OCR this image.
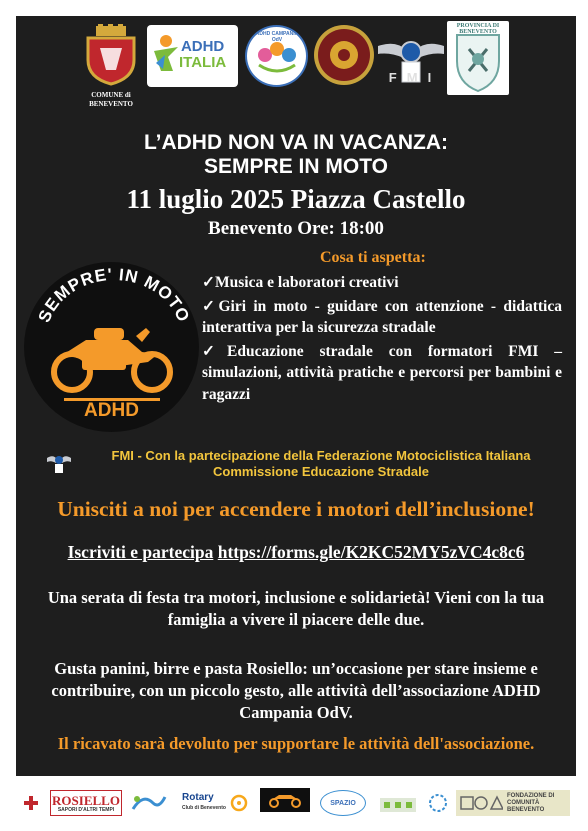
COMUNE di
BENEVENTO
ADHD
ITALIA
ADHD CAMPANIA OdV
FMI
PROVINCIA DI BENEVENTO
L’ADHD NON VA IN VACANZA:
SEMPRE IN MOTO
11 luglio 2025 Piazza Castello
Benevento Ore: 18:00
SEMPRE' IN MOTO
ADHD
Cosa ti aspetta:
✓Musica e laboratori creativi
✓Giri in moto - guidare con attenzione - didattica interattiva per la sicurezza stradale
✓Educazione stradale con formatori FMI – simulazioni, attività pratiche e percorsi per bambini e ragazzi
FMI - Con la partecipazione della Federazione Motociclistica Italiana
Commissione Educazione Stradale
Unisciti a noi per accendere i motori dell’inclusione!
Iscriviti e partecipa https://forms.gle/K2KC52MY5zVC4c8c6
Una serata di festa tra motori, inclusione e solidarietà! Vieni con la tua famiglia a vivere il piacere delle due.
Gusta panini, birre e pasta Rosiello: un’occasione per stare insieme e contribuire, con un piccolo gesto, alle attività dell’associazione ADHD Campania OdV.
Il ricavato sarà devoluto per supportare le attività dell'associazione.
ROSIELLO
SAPORI D'ALTRI TEMPI
Rotary
Club di Benevento
SPAZIO
FONDAZIONE DI COMUNITÀ BENEVENTO
